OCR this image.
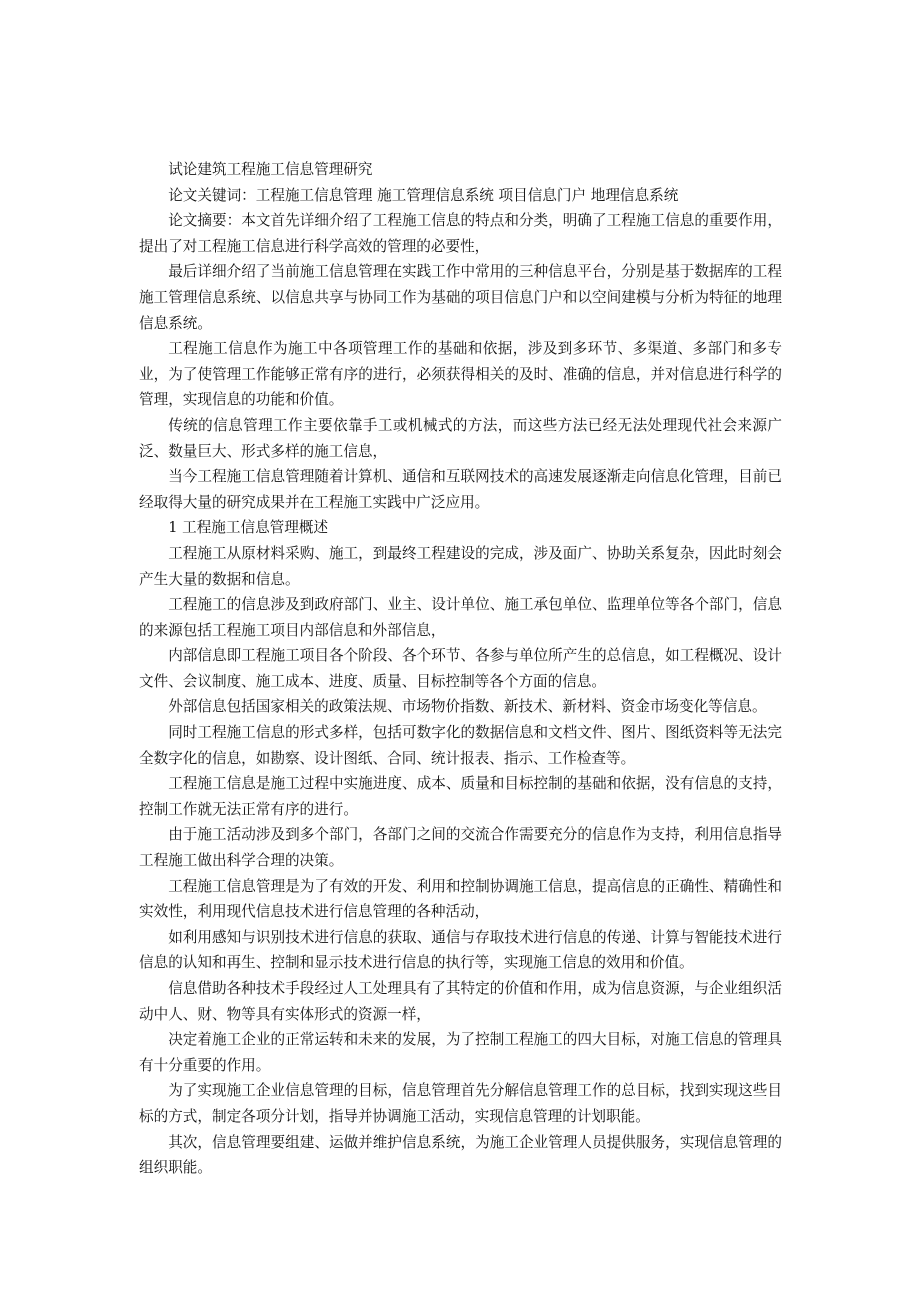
试论建筑工程施工信息管理研究

论文关键词：工程施工信息管理 施工管理信息系统 项目信息门户 地理信息系统

论文摘要：本文首先详细介绍了工程施工信息的特点和分类，明确了工程施工信息的重要作用，提出了对工程施工信息进行科学高效的管理的必要性，

最后详细介绍了当前施工信息管理在实践工作中常用的三种信息平台，分别是基于数据库的工程施工管理信息系统、以信息共享与协同工作为基础的项目信息门户和以空间建模与分析为特征的地理信息系统。

工程施工信息作为施工中各项管理工作的基础和依据，涉及到多环节、多渠道、多部门和多专业，为了使管理工作能够正常有序的进行，必须获得相关的及时、准确的信息，并对信息进行科学的管理，实现信息的功能和价值。

传统的信息管理工作主要依靠手工或机械式的方法，而这些方法已经无法处理现代社会来源广泛、数量巨大、形式多样的施工信息，

当今工程施工信息管理随着计算机、通信和互联网技术的高速发展逐渐走向信息化管理，目前已经取得大量的研究成果并在工程施工实践中广泛应用。

1 工程施工信息管理概述

工程施工从原材料采购、施工，到最终工程建设的完成，涉及面广、协助关系复杂，因此时刻会产生大量的数据和信息。

工程施工的信息涉及到政府部门、业主、设计单位、施工承包单位、监理单位等各个部门，信息的来源包括工程施工项目内部信息和外部信息，

内部信息即工程施工项目各个阶段、各个环节、各参与单位所产生的总信息，如工程概况、设计文件、会议制度、施工成本、进度、质量、目标控制等各个方面的信息。

外部信息包括国家相关的政策法规、市场物价指数、新技术、新材料、资金市场变化等信息。

同时工程施工信息的形式多样，包括可数字化的数据信息和文档文件、图片、图纸资料等无法完全数字化的信息，如勘察、设计图纸、合同、统计报表、指示、工作检查等。

工程施工信息是施工过程中实施进度、成本、质量和目标控制的基础和依据，没有信息的支持，控制工作就无法正常有序的进行。

由于施工活动涉及到多个部门，各部门之间的交流合作需要充分的信息作为支持，利用信息指导工程施工做出科学合理的决策。

工程施工信息管理是为了有效的开发、利用和控制协调施工信息，提高信息的正确性、精确性和实效性，利用现代信息技术进行信息管理的各种活动，

如利用感知与识别技术进行信息的获取、通信与存取技术进行信息的传递、计算与智能技术进行信息的认知和再生、控制和显示技术进行信息的执行等，实现施工信息的效用和价值。

信息借助各种技术手段经过人工处理具有了其特定的价值和作用，成为信息资源，与企业组织活动中人、财、物等具有实体形式的资源一样，

决定着施工企业的正常运转和未来的发展，为了控制工程施工的四大目标，对施工信息的管理具有十分重要的作用。

为了实现施工企业信息管理的目标，信息管理首先分解信息管理工作的总目标，找到实现这些目标的方式，制定各项分计划，指导并协调施工活动，实现信息管理的计划职能。

其次，信息管理要组建、运做并维护信息系统，为施工企业管理人员提供服务，实现信息管理的组织职能。
